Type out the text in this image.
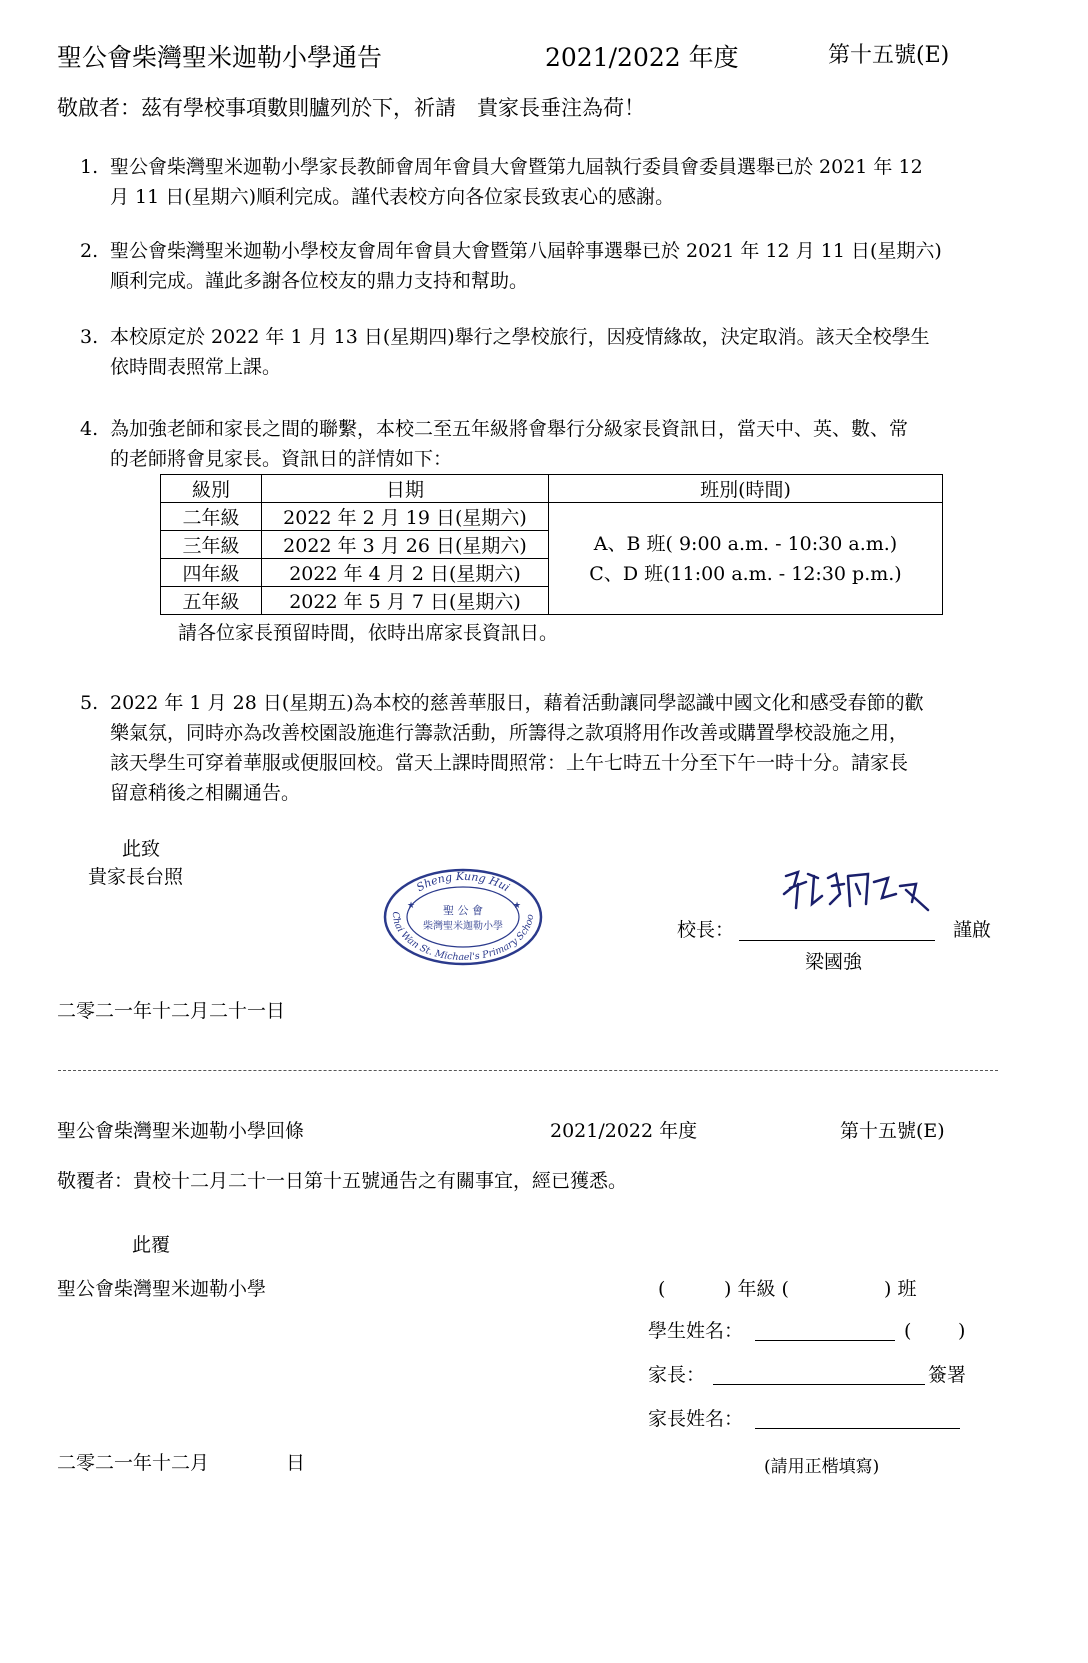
聖公會柴灣聖米迦勒小學通告	2021/2022 年度	第十五號(E)
敬啟者：茲有學校事項數則臚列於下，祈請　貴家長垂注為荷！
1. 聖公會柴灣聖米迦勒小學家長教師會周年會員大會暨第九屆執行委員會委員選舉已於 2021 年 12
月 11 日(星期六)順利完成。謹代表校方向各位家長致衷心的感謝。
2. 聖公會柴灣聖米迦勒小學校友會周年會員大會暨第八屆幹事選舉已於 2021 年 12 月 11 日(星期六)
順利完成。謹此多謝各位校友的鼎力支持和幫助。
3. 本校原定於 2022 年 1 月 13 日(星期四)舉行之學校旅行，因疫情緣故，決定取消。該天全校學生
依時間表照常上課。
4. 為加強老師和家長之間的聯繫，本校二至五年級將會舉行分級家長資訊日，當天中、英、數、常
的老師將會見家長。資訊日的詳情如下：
級別	日期	班別(時間)
二年級	2022 年 2 月 19 日(星期六)	A、B 班( 9:00 a.m. - 10:30 a.m.)
C、D 班(11:00 a.m. - 12:30 p.m.)

三年級	2022 年 3 月 26 日(星期六)	
四年級	2022 年 4 月 2 日(星期六)	
五年級	2022 年 5 月 7 日(星期六)	
請各位家長預留時間，依時出席家長資訊日。
5. 2022 年 1 月 28 日(星期五)為本校的慈善華服日，藉着活動讓同學認識中國文化和感受春節的歡
樂氣氛，同時亦為改善校園設施進行籌款活動，所籌得之款項將用作改善或購置學校設施之用，
該天學生可穿着華服或便服回校。當天上課時間照常：上午七時五十分至下午一時十分。請家長
留意稍後之相關通告。
此致
貴家長台照	Sheng Kung Hui
Chai Wan St. Michael's Primary Schoo
聖 公 會
柴灣聖米迦勒小學
★	★
校長：	謹啟
梁國強
二零二一年十二月二十一日
聖公會柴灣聖米迦勒小學回條	2021/2022 年度	第十五號(E)
敬覆者：貴校十二月二十一日第十五號通告之有關事宜，經已獲悉。
此覆
聖公會柴灣聖米迦勒小學	(	) 年級 (	) 班
學生姓名：	( )
家長：	簽署
家長姓名：
二零二一年十二月	日	(請用正楷填寫)
